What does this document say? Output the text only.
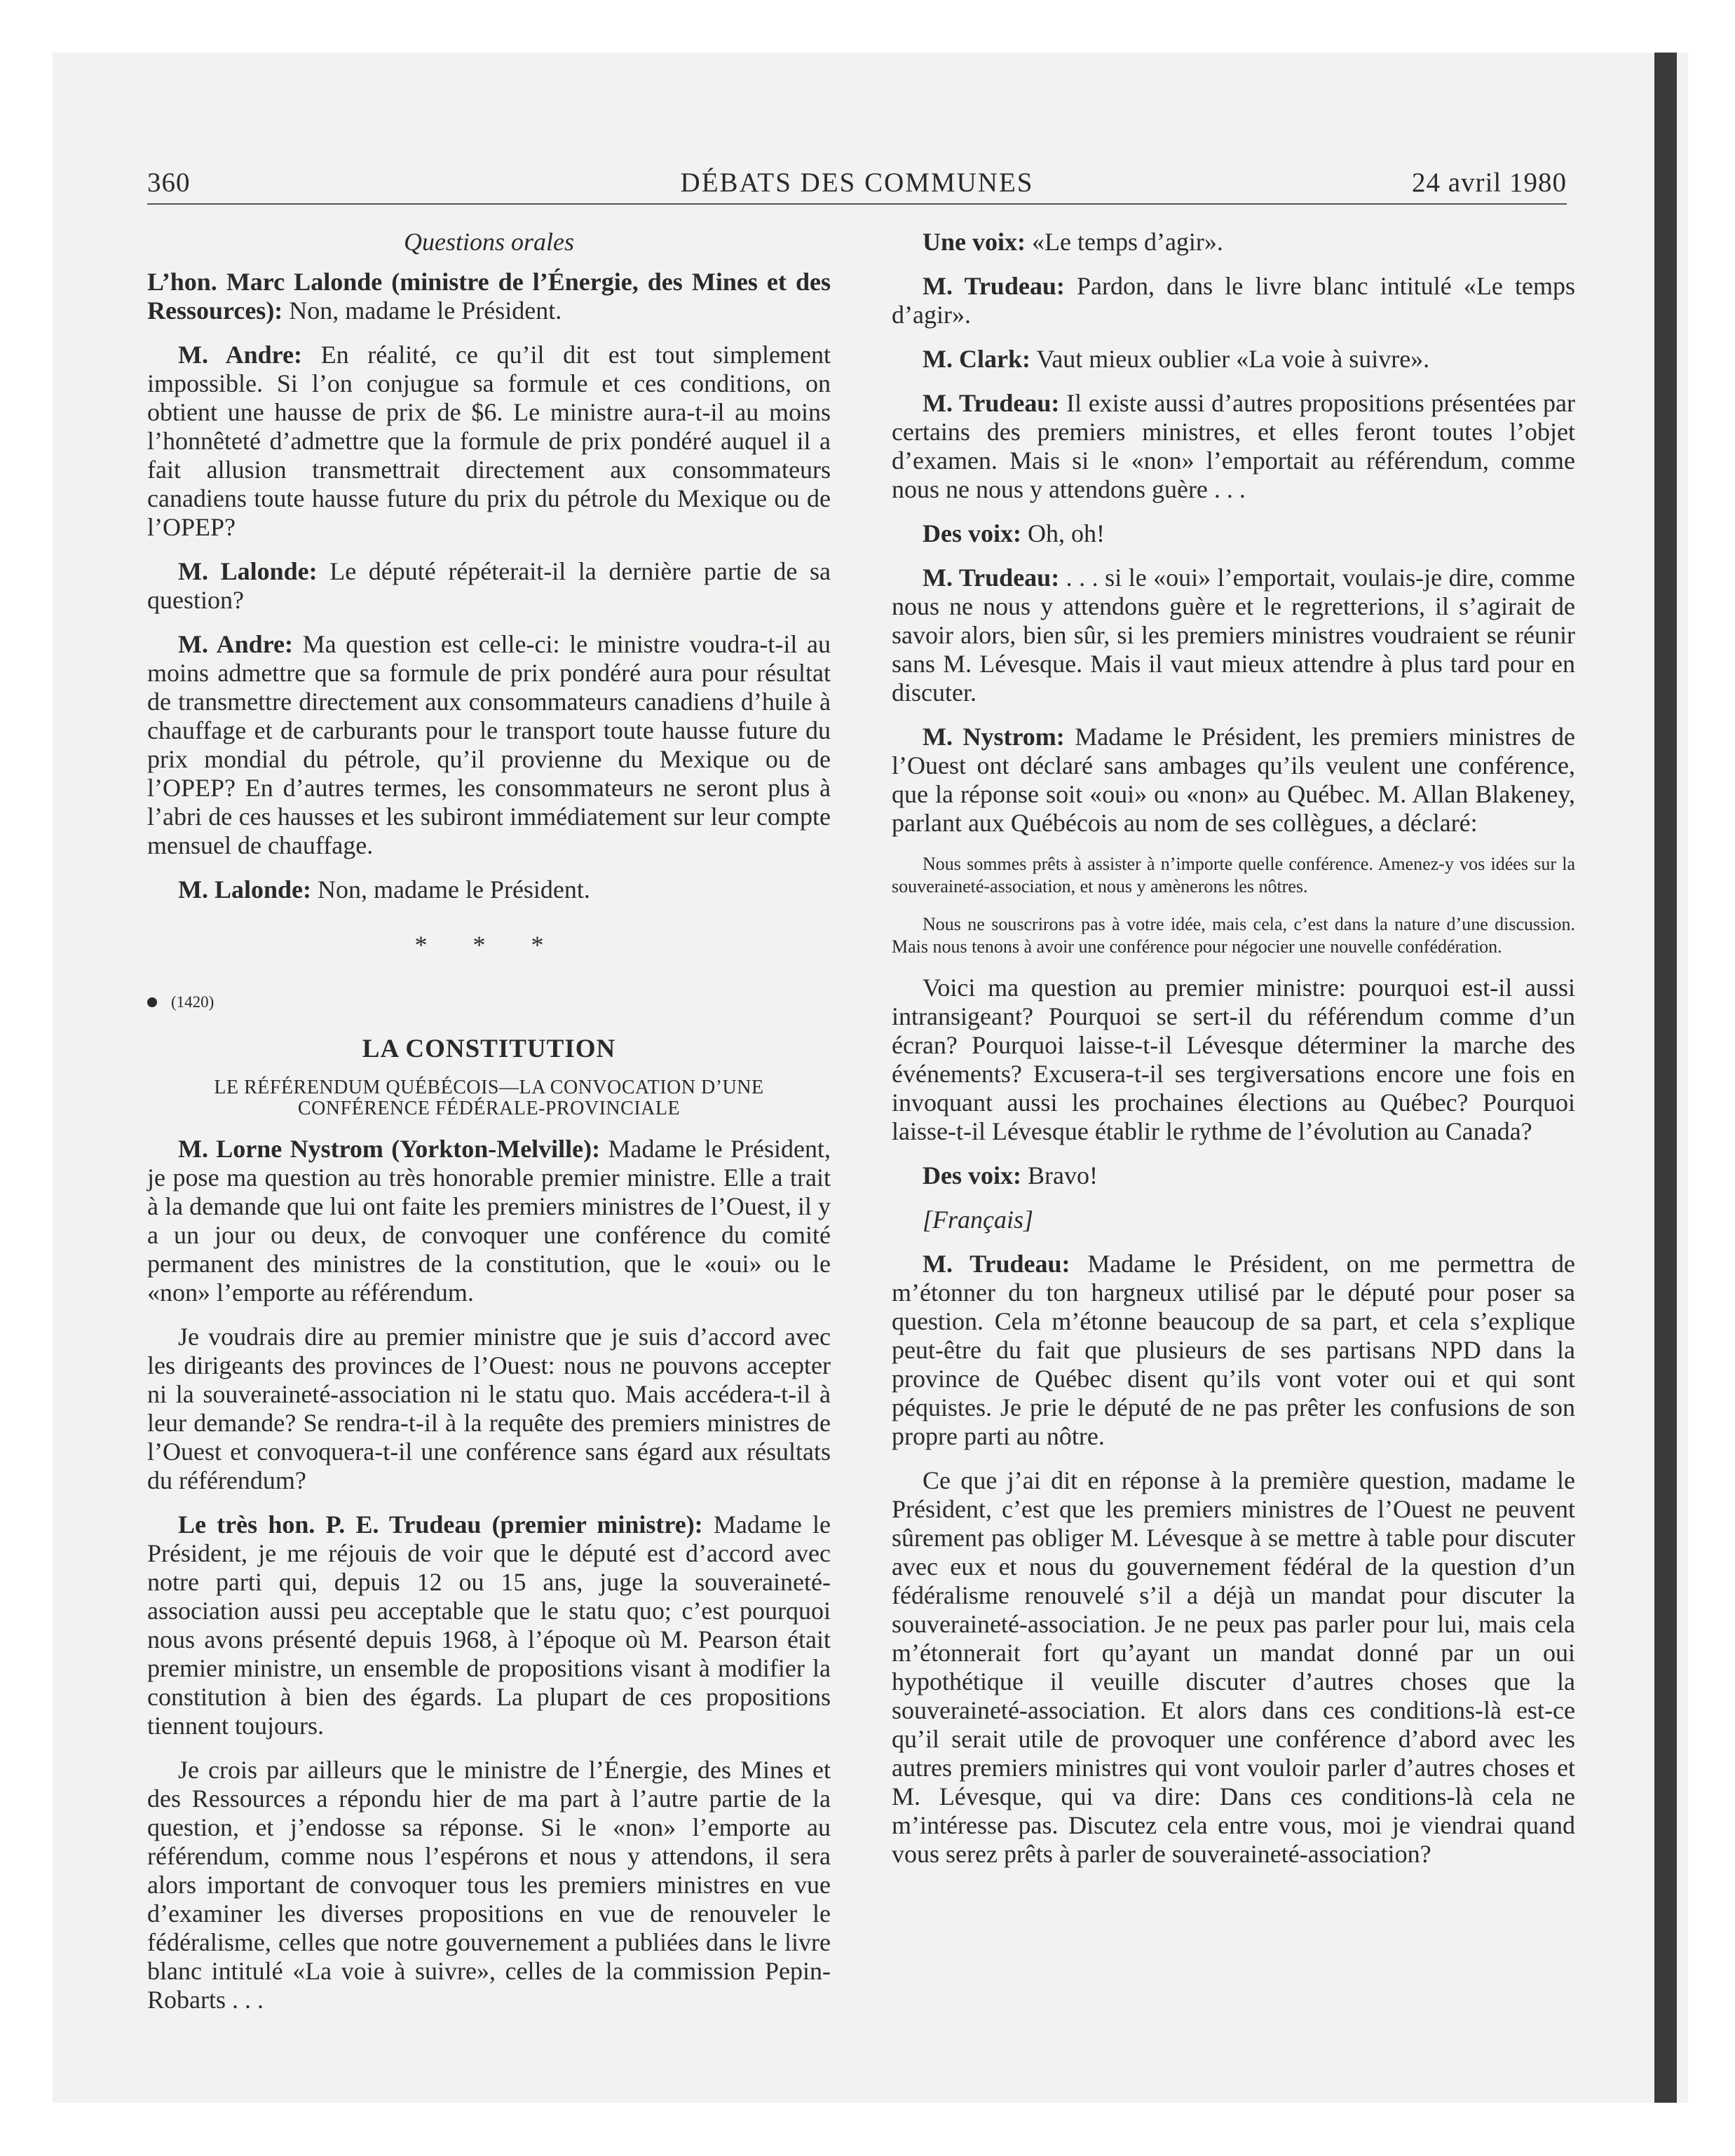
360	DÉBATS DES COMMUNES	24 avril 1980
Questions orales

L’hon. Marc Lalonde (ministre de l’Énergie, des Mines et des Ressources): Non, madame le Président.

M. Andre: En réalité, ce qu’il dit est tout simplement impossible. Si l’on conjugue sa formule et ces conditions, on obtient une hausse de prix de $6. Le ministre aura-t-il au moins l’honnêteté d’admettre que la formule de prix pondéré auquel il a fait allusion transmettrait directement aux consommateurs canadiens toute hausse future du prix du pétrole du Mexique ou de l’OPEP?

M. Lalonde: Le député répéterait-il la dernière partie de sa question?

M. Andre: Ma question est celle-ci: le ministre voudra-t-il au moins admettre que sa formule de prix pondéré aura pour résultat de transmettre directement aux consommateurs canadiens d’huile à chauffage et de carburants pour le transport toute hausse future du prix mondial du pétrole, qu’il provienne du Mexique ou de l’OPEP? En d’autres termes, les consommateurs ne seront plus à l’abri de ces hausses et les subiront immédiatement sur leur compte mensuel de chauffage.

M. Lalonde: Non, madame le Président.

* * *
(1420)
LA CONSTITUTION
LE RÉFÉRENDUM QUÉBÉCOIS—LA CONVOCATION D’UNE CONFÉRENCE FÉDÉRALE-PROVINCIALE

M. Lorne Nystrom (Yorkton-Melville): Madame le Président, je pose ma question au très honorable premier ministre. Elle a trait à la demande que lui ont faite les premiers ministres de l’Ouest, il y a un jour ou deux, de convoquer une conférence du comité permanent des ministres de la constitution, que le «oui» ou le «non» l’emporte au référendum.

Je voudrais dire au premier ministre que je suis d’accord avec les dirigeants des provinces de l’Ouest: nous ne pouvons accepter ni la souveraineté-association ni le statu quo. Mais accédera-t-il à leur demande? Se rendra-t-il à la requête des premiers ministres de l’Ouest et convoquera-t-il une conférence sans égard aux résultats du référendum?

Le très hon. P. E. Trudeau (premier ministre): Madame le Président, je me réjouis de voir que le député est d’accord avec notre parti qui, depuis 12 ou 15 ans, juge la souveraineté-association aussi peu acceptable que le statu quo; c’est pourquoi nous avons présenté depuis 1968, à l’époque où M. Pearson était premier ministre, un ensemble de propositions visant à modifier la constitution à bien des égards. La plupart de ces propositions tiennent toujours.

Je crois par ailleurs que le ministre de l’Énergie, des Mines et des Ressources a répondu hier de ma part à l’autre partie de la question, et j’endosse sa réponse. Si le «non» l’emporte au référendum, comme nous l’espérons et nous y attendons, il sera alors important de convoquer tous les premiers ministres en vue d’examiner les diverses propositions en vue de renouveler le fédéralisme, celles que notre gouvernement a publiées dans le livre blanc intitulé «La voie à suivre», celles de la commission Pepin-Robarts . . .

Une voix: «Le temps d’agir».

M. Trudeau: Pardon, dans le livre blanc intitulé «Le temps d’agir».

M. Clark: Vaut mieux oublier «La voie à suivre».

M. Trudeau: Il existe aussi d’autres propositions présentées par certains des premiers ministres, et elles feront toutes l’objet d’examen. Mais si le «non» l’emportait au référendum, comme nous ne nous y attendons guère . . .

Des voix: Oh, oh!

M. Trudeau: . . . si le «oui» l’emportait, voulais-je dire, comme nous ne nous y attendons guère et le regretterions, il s’agirait de savoir alors, bien sûr, si les premiers ministres voudraient se réunir sans M. Lévesque. Mais il vaut mieux attendre à plus tard pour en discuter.

M. Nystrom: Madame le Président, les premiers ministres de l’Ouest ont déclaré sans ambages qu’ils veulent une conférence, que la réponse soit «oui» ou «non» au Québec. M. Allan Blakeney, parlant aux Québécois au nom de ses collègues, a déclaré:

Nous sommes prêts à assister à n’importe quelle conférence. Amenez-y vos idées sur la souveraineté-association, et nous y amènerons les nôtres.

Nous ne souscrirons pas à votre idée, mais cela, c’est dans la nature d’une discussion. Mais nous tenons à avoir une conférence pour négocier une nouvelle confédération.

Voici ma question au premier ministre: pourquoi est-il aussi intransigeant? Pourquoi se sert-il du référendum comme d’un écran? Pourquoi laisse-t-il Lévesque déterminer la marche des événements? Excusera-t-il ses tergiversations encore une fois en invoquant aussi les prochaines élections au Québec? Pourquoi laisse-t-il Lévesque établir le rythme de l’évolution au Canada?

Des voix: Bravo!

[Français]

M. Trudeau: Madame le Président, on me permettra de m’étonner du ton hargneux utilisé par le député pour poser sa question. Cela m’étonne beaucoup de sa part, et cela s’explique peut-être du fait que plusieurs de ses partisans NPD dans la province de Québec disent qu’ils vont voter oui et qui sont péquistes. Je prie le député de ne pas prêter les confusions de son propre parti au nôtre.

Ce que j’ai dit en réponse à la première question, madame le Président, c’est que les premiers ministres de l’Ouest ne peuvent sûrement pas obliger M. Lévesque à se mettre à table pour discuter avec eux et nous du gouvernement fédéral de la question d’un fédéralisme renouvelé s’il a déjà un mandat pour discuter la souveraineté-association. Je ne peux pas parler pour lui, mais cela m’étonnerait fort qu’ayant un mandat donné par un oui hypothétique il veuille discuter d’autres choses que la souveraineté-association. Et alors dans ces conditions-là est-ce qu’il serait utile de provoquer une conférence d’abord avec les autres premiers ministres qui vont vouloir parler d’autres choses et M. Lévesque, qui va dire: Dans ces conditions-là cela ne m’intéresse pas. Discutez cela entre vous, moi je viendrai quand vous serez prêts à parler de souveraineté-association?
